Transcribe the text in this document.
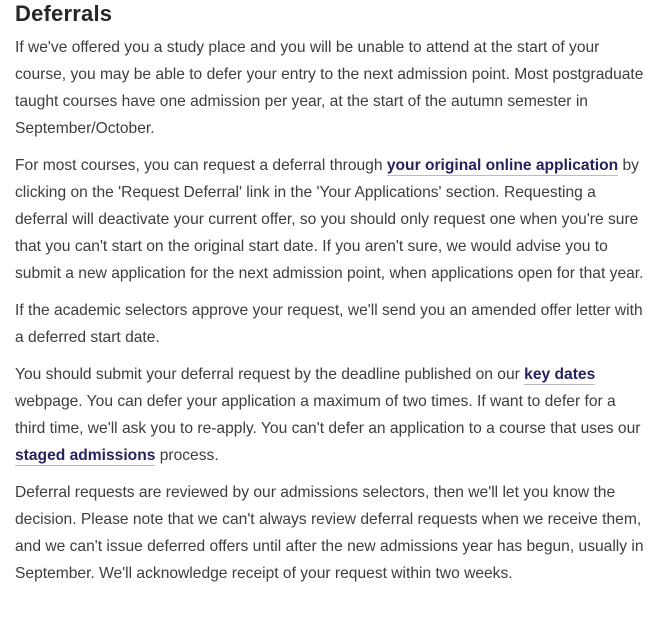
Deferrals

If we've offered you a study place and you will be unable to attend at the start of your course, you may be able to defer your entry to the next admission point. Most postgraduate taught courses have one admission per year, at the start of the autumn semester in September/October.

For most courses, you can request a deferral through your original online application by clicking on the 'Request Deferral' link in the 'Your Applications' section. Requesting a deferral will deactivate your current offer, so you should only request one when you're sure that you can't start on the original start date. If you aren't sure, we would advise you to submit a new application for the next admission point, when applications open for that year.

If the academic selectors approve your request, we'll send you an amended offer letter with a deferred start date.

You should submit your deferral request by the deadline published on our key dates webpage. You can defer your application a maximum of two times. If want to defer for a third time, we'll ask you to re-apply. You can't defer an application to a course that uses our staged admissions process.

Deferral requests are reviewed by our admissions selectors, then we'll let you know the decision. Please note that we can't always review deferral requests when we receive them, and we can't issue deferred offers until after the new admissions year has begun, usually in September. We'll acknowledge receipt of your request within two weeks.
